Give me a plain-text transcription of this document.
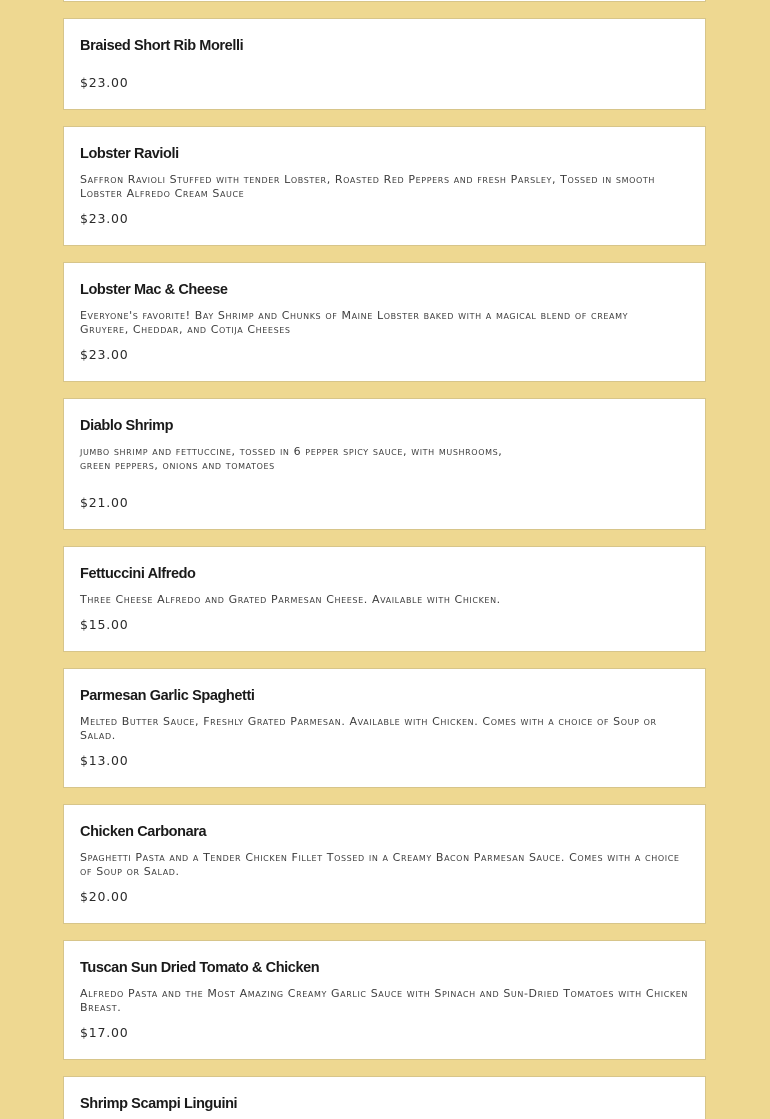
Braised Short Rib Morelli
$23.00
Lobster Ravioli
Saffron Ravioli Stuffed with tender Lobster, Roasted Red Peppers and fresh Parsley, Tossed in smooth Lobster Alfredo Cream Sauce
$23.00
Lobster Mac & Cheese
Everyone's favorite! Bay Shrimp and Chunks of Maine Lobster baked with a magical blend of creamy Gruyere, Cheddar, and Cotija Cheeses
$23.00
Diablo Shrimp
jumbo shrimp and fettuccine, tossed in 6 pepper spicy sauce, with mushrooms, green peppers, onions and tomatoes
$21.00
Fettuccini Alfredo
Three Cheese Alfredo and Grated Parmesan Cheese. Available with Chicken.
$15.00
Parmesan Garlic Spaghetti
Melted Butter Sauce, Freshly Grated Parmesan. Available with Chicken. Comes with a choice of Soup or Salad.
$13.00
Chicken Carbonara
Spaghetti Pasta and a Tender Chicken Fillet Tossed in a Creamy Bacon Parmesan Sauce. Comes with a choice of Soup or Salad.
$20.00
Tuscan Sun Dried Tomato & Chicken
Alfredo Pasta and the Most Amazing Creamy Garlic Sauce with Spinach and Sun-Dried Tomatoes with Chicken Breast.
$17.00
Shrimp Scampi Linguini
